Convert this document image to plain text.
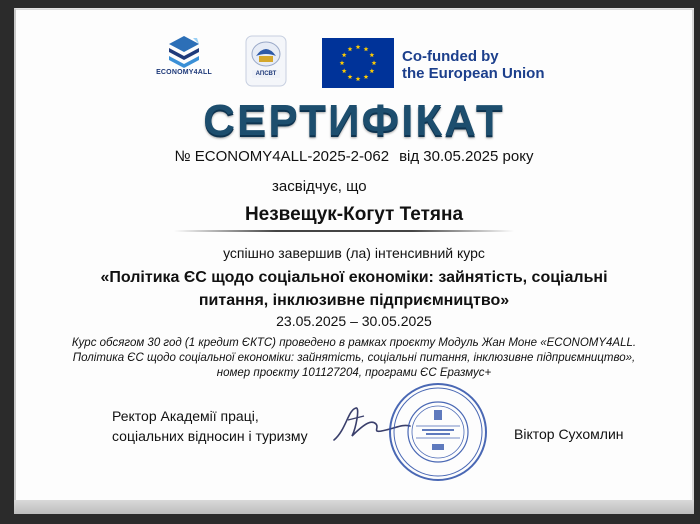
ECONOMY4ALL	АПСВТ
Co-funded by
the European Union
СЕРТИФІКАТ
№ ECONOMY4ALL-2025-2-062 від 30.05.2025 року
засвідчує, що
Незвещук-Когут Тетяна
успішно завершив (ла) інтенсивний курс
«Політика ЄС щодо соціальної економіки: зайнятість, соціальні
питання, інклюзивне підприємництво»
23.05.2025 – 30.05.2025
Курс обсягом 30 год (1 кредит ЄКТС) проведено в рамках проєкту Модуль Жан Моне «ECONOMY4ALL.
Політика ЄС щодо соціальної економіки: зайнятість, соціальні питання, інклюзивне підприємництво»,
номер проєкту 101127204, програми ЄС Еразмус+
Ректор Академії праці,
соціальних відносин і туризму	Віктор Сухомлин
